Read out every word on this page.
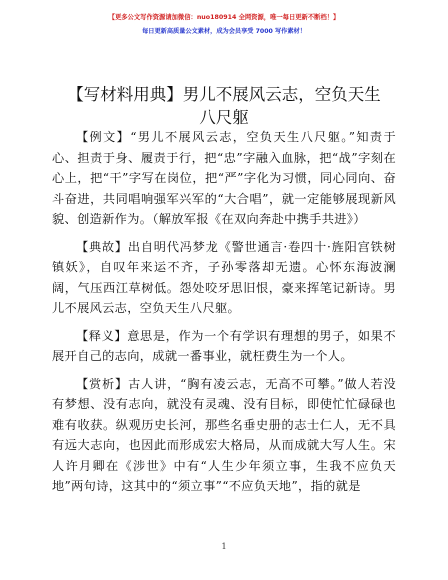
【更多公文写作资源请加微信：nuo180914 全网资源，唯一每日更新不断档！】
每日更新高质量公文素材，成为会员享受 7000 写作素材！
【写材料用典】男儿不展风云志，空负天生八尺躯

【例文】“男儿不展风云志，空负天生八尺躯。”知责于心、担责于身、履责于行，把“忠”字融入血脉，把“战”字刻在心上，把“干”字写在岗位，把“严”字化为习惯，同心同向、奋斗奋进，共同唱响强军兴军的“大合唱”，就一定能够展现新风貌、创造新作为。（解放军报《在双向奔赴中携手共进》）

【典故】出自明代冯梦龙《警世通言·卷四十·旌阳宫铁树镇妖》，自叹年来运不齐，子孙零落却无遗。心怀东海波澜阔，气压西江草树低。怨处咬牙思旧恨，豪来挥笔记新诗。男儿不展风云志，空负天生八尺躯。

【释义】意思是，作为一个有学识有理想的男子，如果不展开自己的志向，成就一番事业，就枉费生为一个人。

【赏析】古人讲，“胸有凌云志，无高不可攀。”做人若没有梦想、没有志向，就没有灵魂、没有目标，即使忙忙碌碌也难有收获。纵观历史长河，那些名垂史册的志士仁人，无不具有远大志向，也因此而形成宏大格局，从而成就大写人生。宋人许月卿在《涉世》中有“人生少年须立事，生我不应负天地”两句诗，这其中的“须立事”“不应负天地”，指的就是

1
